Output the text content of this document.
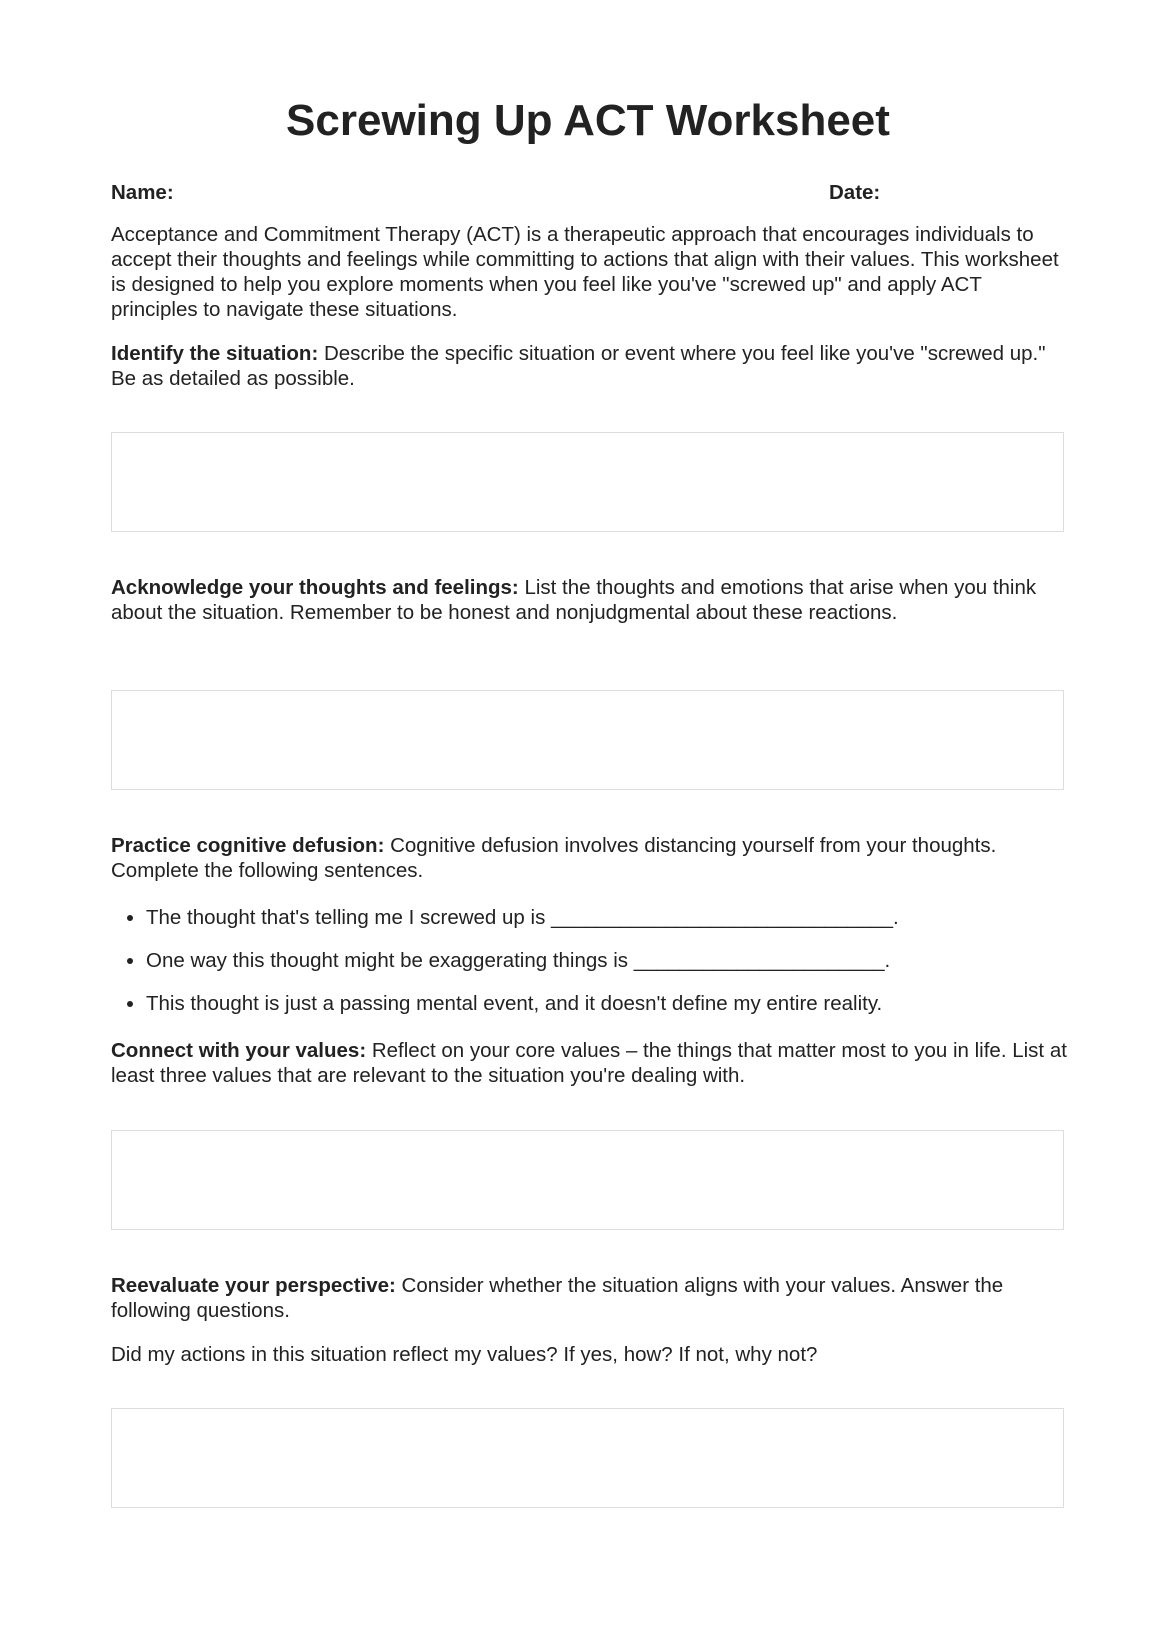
Screwing Up ACT Worksheet
Name:	Date:

Acceptance and Commitment Therapy (ACT) is a therapeutic approach that encourages individuals to accept their thoughts and feelings while committing to actions that align with their values. This worksheet is designed to help you explore moments when you feel like you've "screwed up" and apply ACT principles to navigate these situations.

Identify the situation: Describe the specific situation or event where you feel like you've "screwed up." Be as detailed as possible.

Acknowledge your thoughts and feelings: List the thoughts and emotions that arise when you think about the situation. Remember to be honest and nonjudgmental about these reactions.

Practice cognitive defusion: Cognitive defusion involves distancing yourself from your thoughts. Complete the following sentences.

• The thought that's telling me I screwed up is ______________________________.
• One way this thought might be exaggerating things is ______________________.
• This thought is just a passing mental event, and it doesn't define my entire reality.

Connect with your values: Reflect on your core values – the things that matter most to you in life. List at least three values that are relevant to the situation you're dealing with.

Reevaluate your perspective: Consider whether the situation aligns with your values. Answer the following questions.

Did my actions in this situation reflect my values? If yes, how? If not, why not?
